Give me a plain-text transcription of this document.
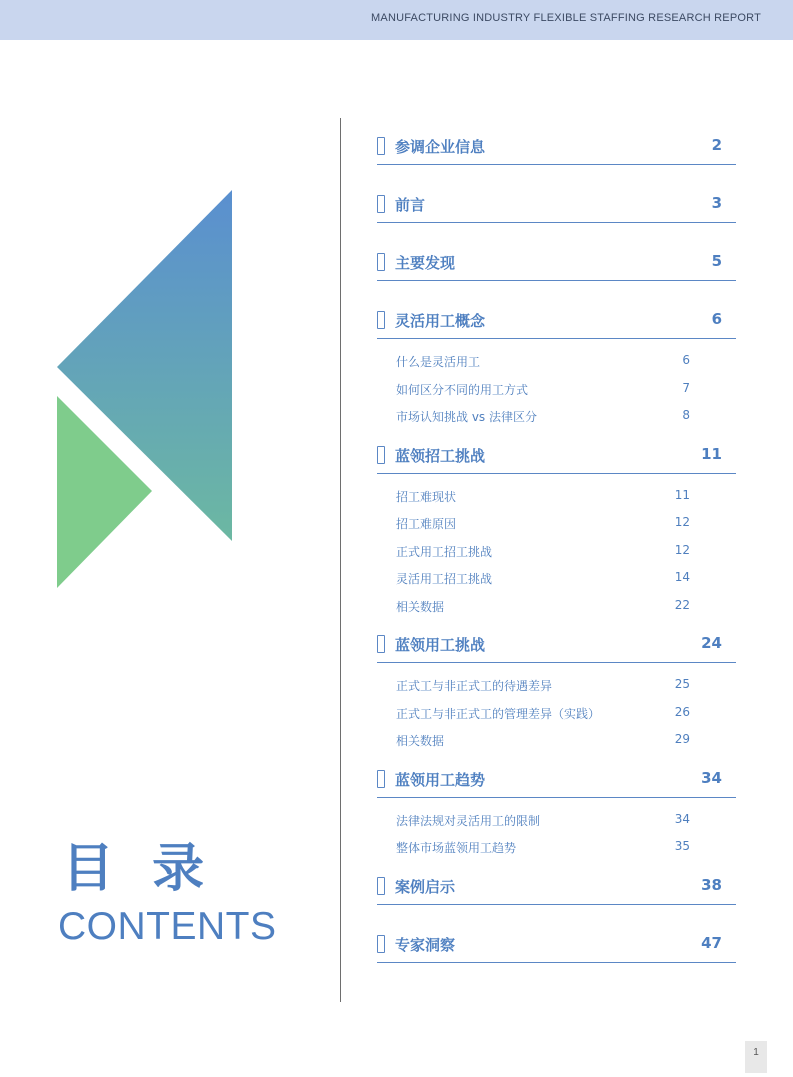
MANUFACTURING INDUSTRY FLEXIBLE STAFFING RESEARCH REPORT
目 录
CONTENTS
参调企业信息	2
前言	3
主要发现	5
灵活用工概念	6
什么是灵活用工	6
如何区分不同的用工方式	7
市场认知挑战 vs 法律区分	8
蓝领招工挑战	11
招工难现状	11
招工难原因	12
正式用工招工挑战	12
灵活用工招工挑战	14
相关数据	22
蓝领用工挑战	24
正式工与非正式工的待遇差异	25
正式工与非正式工的管理差异（实践）	26
相关数据	29
蓝领用工趋势	34
法律法规对灵活用工的限制	34
整体市场蓝领用工趋势	35
案例启示	38
专家洞察	47
1
